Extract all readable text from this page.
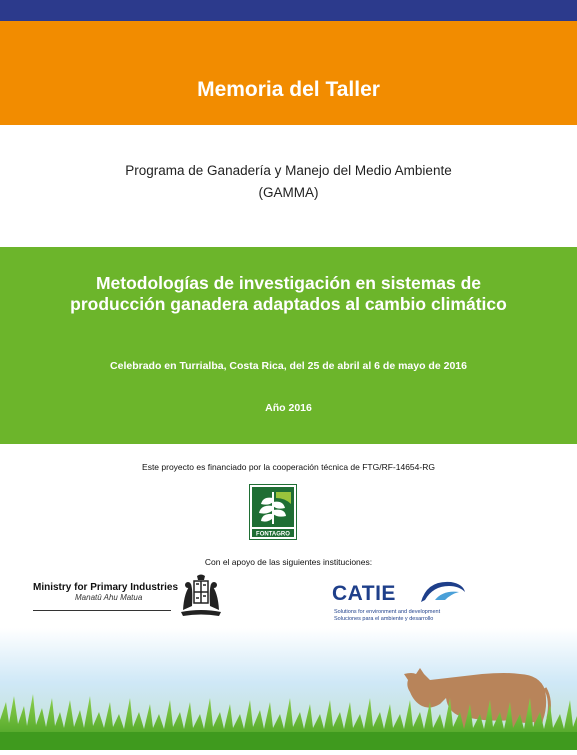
Memoria del Taller
Programa de Ganadería y Manejo del Medio Ambiente
(GAMMA)
Metodologías de investigación en sistemas de producción ganadera adaptados al cambio climático
Celebrado en Turrialba, Costa Rica, del 25 de abril al 6 de mayo de 2016
Año 2016
Este proyecto es financiado por la cooperación técnica de FTG/RF-14654-RG
FONTAGRO
Con el apoyo de las siguientes instituciones:
Ministry for Primary Industries
Manatū Ahu Matua	CATIE
Solutions for environment and development
Soluciones para el ambiente y desarrollo
